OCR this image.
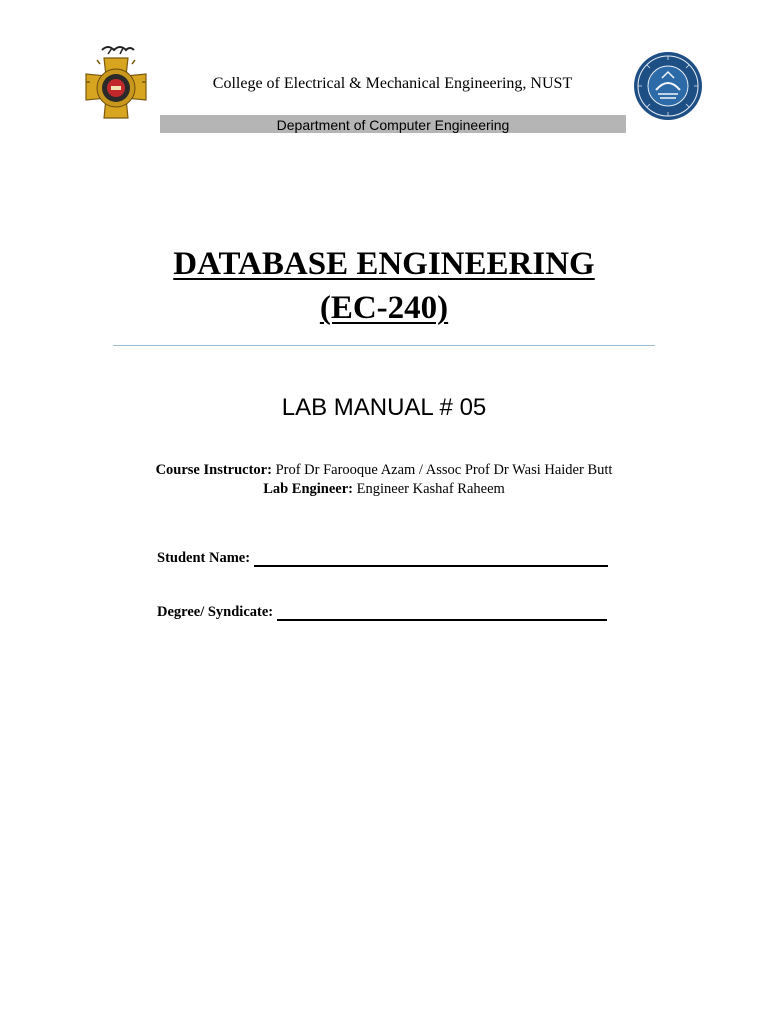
College of Electrical & Mechanical Engineering, NUST
Department of Computer Engineering
DATABASE ENGINEERING
(EC-240)
LAB MANUAL # 05
Course Instructor: Prof Dr Farooque Azam / Assoc Prof Dr Wasi Haider Butt
Lab Engineer: Engineer Kashaf Raheem
Student Name:
Degree/ Syndicate:
